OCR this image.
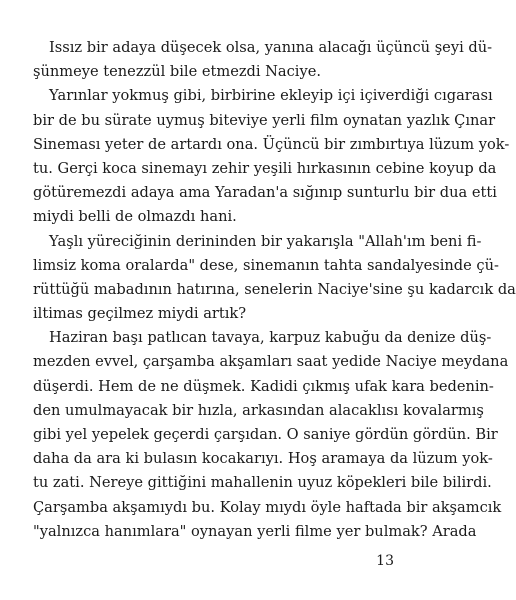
Issız bir adaya düşecek olsa, yanına alacağı üçüncü şeyi dü-
şünmeye tenezzül bile etmezdi Naciye.
Yarınlar yokmuş gibi, birbirine ekleyip içi içiverdiği cıgarası
bir de bu sürate uymuş biteviye yerli film oynatan yazlık Çınar
Sineması yeter de artardı ona. Üçüncü bir zımbırtıya lüzum yok-
tu. Gerçi koca sinemayı zehir yeşili hırkasının cebine koyup da
götüremezdi adaya ama Yaradan'a sığınıp sunturlu bir dua etti
miydi belli de olmazdı hani.
Yaşlı yüreciğinin derininden bir yakarışla "Allah'ım beni fi-
limsiz koma oralarda" dese, sinemanın tahta sandalyesinde çü-
rüttüğü mabadının hatırına, senelerin Naciye'sine şu kadarcık da
iltimas geçilmez miydi artık?
Haziran başı patlıcan tavaya, karpuz kabuğu da denize düş-
mezden evvel, çarşamba akşamları saat yedide Naciye meydana
düşerdi. Hem de ne düşmek. Kadidi çıkmış ufak kara bedenin-
den umulmayacak bir hızla, arkasından alacaklısı kovalarmış
gibi yel yepelek geçerdi çarşıdan. O saniye gördün gördün. Bir
daha da ara ki bulasın kocakarıyı. Hoş aramaya da lüzum yok-
tu zati. Nereye gittiğini mahallenin uyuz köpekleri bile bilirdi.
Çarşamba akşamıydı bu. Kolay mıydı öyle haftada bir akşamcık
"yalnızca hanımlara" oynayan yerli filme yer bulmak? Arada
13
